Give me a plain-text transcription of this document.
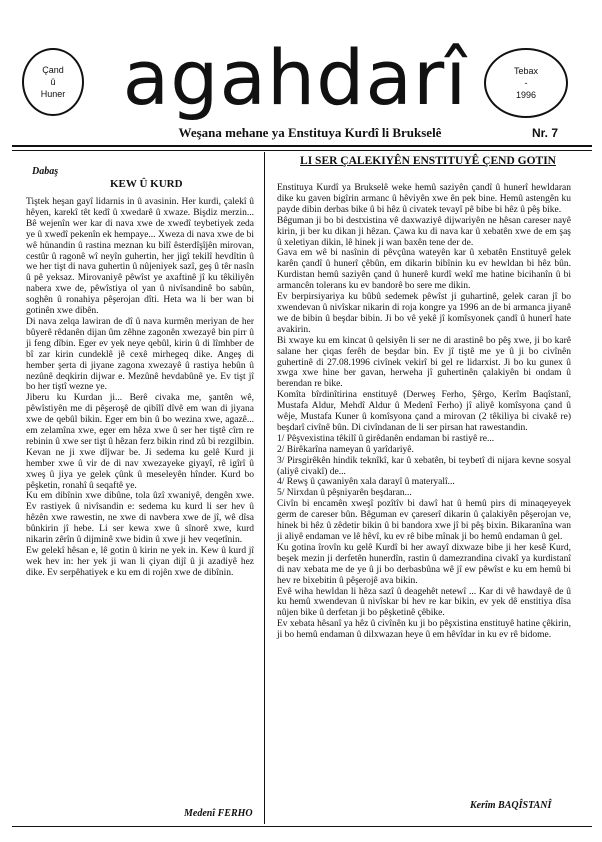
Çand
û
Huner agahdarî	Tebax
-
1996
Weşana mehane ya Enstituya Kurdî li Brukselê	Nr. 7
Dabaş
KEW Û KURD

Tiştek heşan gayî lidarnis in û avasinin. Her kurdi, çalekî û hêyen, karekî têt kedî û xwedarê û xwaze. Bişdiz merzin... Bê wejenîn wer kar di nava xwe de xwedî teybetiyek zeda ye û xwedî pekenîn ek hempaye... Xweza di nava xwe de bi wê hünandin û rastina meznan ku bilî êsterdîşîjên mirovan, cestûr û ragonê wî neyîn guhertin, her jigî tekilî hevdîtin û we her tişt di nava guhertin û nûjeniyek sazî, geş û têr nasîn û pê yeksaz. Mirovaniyê pêwîst ye axaftinê jî ku têkiliyên nabera xwe de, pêwîstiya ol yan û nivîsandinê bo sabûn, soghên û ronahiya pêşerojan dîti. Heta wa li ber wan bi gotinên xwe dibên.

Di nava zelqa lawiran de dî û nava kurmên meriyan de her bûyerê rêdanên dijan ûm zêhne zagonên xwezayê bin pirr û ji feng dîbin. Eger ev yek neye qebûl, kirin û di lîmhber de bî zar kirin cundeklê jê cexê mirhegeq dike. Angeş di hember şerta di jiyane zagona xwezayê û rastiya hebûn û nezûnê deqkirin dijwar e. Mezûnê hevdabûnê ye. Ev tişt jî bo her tiştî wezne ye.

Jiberu ku Kurdan ji... Berê civaka me, şantên wê, pêwîstiyên me di pêşeroşê de qibîlî dîvê em wan di jiyana xwe de qebûl bikin. Eger em bin û bo wezina xwe, agazê... em zelamîna xwe, eger em hêza xwe û ser her tiştê cîrn re rebinin û xwe ser tişt û hêzan ferz bikin rind zû bi rezgilbin. Kevan ne ji xwe dîjwar be. Ji sedema ku gelê Kurd ji hember xwe û vir de di nav xwezayeke giyayî, rê igîrî û xweş û jiya ye gelek çûnk û meseleyên hînder. Kurd bo pêşketin, ronahî û seqaftê ye.

Ku em dibînin xwe dibûne, tola ûzî xwaniyê, dengên xwe. Ev rastiyek û nivîsandin e: sedema ku kurd li ser hev û hêzên xwe rawestin, ne xwe di navbera xwe de jî, wê dîsa bûnkirin jî hebe. Li ser kewa xwe û sînorê xwe, kurd nikarin zêrîn û dijminê xwe bidin û xwe ji hev veqetînin.

Ew gelekî hêsan e, lê gotin û kirin ne yek in. Kew û kurd jî wek hev in: her yek ji wan li çiyan dijî û ji azadiyê hez dike. Ev serpêhatiyek e ku em di rojên xwe de dibînin.

Medenî FERHO
LI SER ÇALEKIYÊN ENSTITUYÊ ÇEND GOTIN

Enstituya Kurdî ya Brukselê weke hemû saziyên çandî û hunerî hewldaran dike ku gaven bigîrin armanc û hêviyên xwe ên pek bine. Hemû astengên ku payde dibin derbas bike û bi hêz û civatek tevayî pê bibe bi hêz û pêş bike.

Bêguman ji bo bi destxistina vê daxwaziyê dijwariyên ne hêsan careser nayê kirin, ji ber ku dikan ji hêzan. Çawa ku di nava kar û xebatên xwe de em şaş û xeletiyan dikin, lê hinek ji wan baxên tene der de.

Gava em wê bi nasînin di pêvçûna wateyên kar û xebatên Enstituyê gelek karên çandî û hunerî çêbûn, em dikarin bibînin ku ev hewldan bi hêz bûn. Kurdistan hemû saziyên çand û hunerê kurdî wekî me hatine bicihanîn û bi armancên tolerans ku ev bandorê bo sere me dikin.

Ev berpirsiyariya ku bûbû sedemek pêwîst ji guhartinê, gelek caran jî bo xwendevan û nivîskar nikarin di roja kongre ya 1996 an de bi armanca jiyanê we de bibin û beşdar bibin. Ji bo vê yekê jî komîsyonek çandî û hunerî hate avakirin.

Bi xwaye ku em kincat û qelsiyên li ser ne di arastinê bo pêş xwe, ji bo karê salane her çiqas ferêh de beşdar bin. Ev jî tiştê me ye û ji bo civînên guhertinê di 27.08.1996 civînek vekirî bi gel re lidarxist. Ji bo ku gunex û xwga xwe hine ber gavan, herweha jî guhertinên çalakiyên bi ondam û berendan re bike.

Komîta bîrdinîtirina enstituyê (Derweş Ferho, Şêrgo, Kerîm Baqîstanî, Mustafa Aldur, Mehdî Aldur û Medenî Ferho) jî aliyê komîsyona çand û wêje, Mustafa Kuner û komîsyona çand a mirovan (2 têkiliya bi civakê re) beşdarî civînê bûn. Di civîndanan de li ser pirsan hat rawestandin.

1/ Pêşvexistina têkilî û girêdanên endaman bi rastiyê re...

2/ Birêkarîna nameyan û yarîdariyê.

3/ Pirsgirêkên hindik teknîkî, kar û xebatên, bi teybetî di nijara kevne sosyal (aliyê civakî) de...

4/ Rewş û çawaniyên xala darayî û materyalî...

5/ Nirxdan û pêşniyarên beşdaran...

Civîn bi encamên xweşî pozîtîv bi dawî hat û hemû pirs di minaqeyeyek germ de careser bûn. Bêguman ev çareserî dikarin û çalakiyên pêşerojan ve, hinek bi hêz û zêdetir bikin û bi bandora xwe jî bi pêş bixin. Bikaranîna wan ji aliyê endaman ve lê hêvî, ku ev rê bibe mînak ji bo hemû endaman û gel.

Ku gotina îrovîn ku gelê Kurdî bi her awayî dixwaze bibe ji her kesê Kurd, beşek mezin ji derfetên hunerdîn, rastin û damezrandina civakî ya kurdistanî di nav xebata me de ye û ji bo derbasbûna wê jî ew pêwîst e ku em hemû bi hev re bixebitin û pêşerojê ava bikin.

Evê wiha hewldan li hêza sazî û deagehêt netewî ... Kar di vê hawdayê de û ku hemû xwendevan û nivîskar bi hev re kar bikin, ev yek dê enstitiya dîsa nûjen bike û derfetan ji bo pêşketinê çêbike.

Ev xebata hêsanî ya hêz û civînên ku ji bo pêşxistina enstituyê hatine çêkirin, ji bo hemû endaman û dilxwazan heye û em hêvîdar in ku ev rê bidome.

Kerîm BAQÎSTANÎ
